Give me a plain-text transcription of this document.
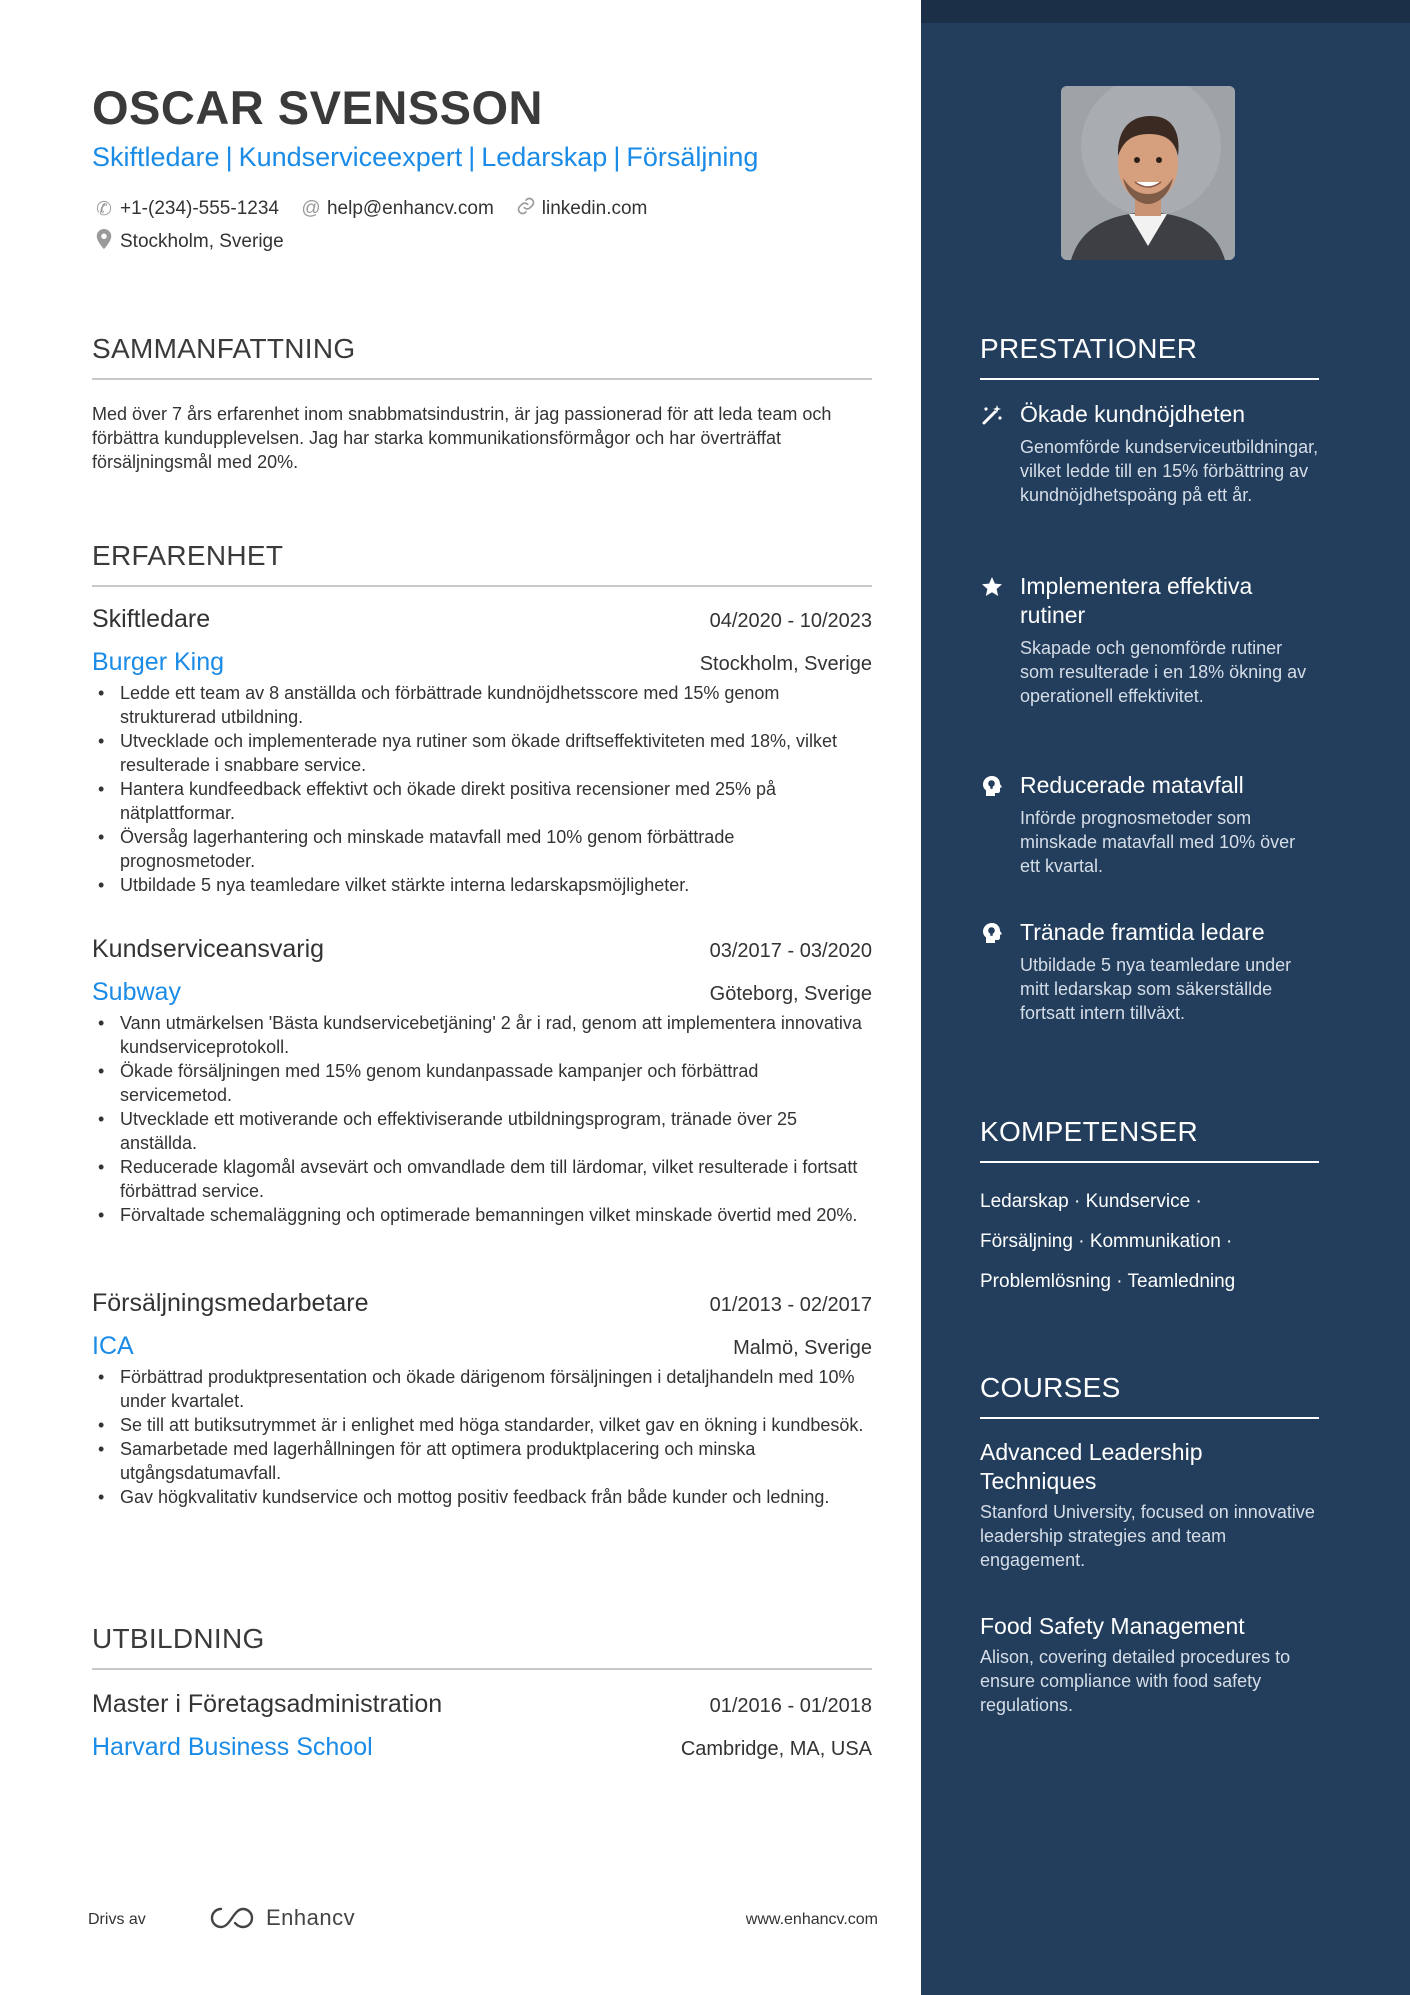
OSCAR SVENSSON
Skiftledare | Kundserviceexpert | Ledarskap | Försäljning
✆ +1-(234)-555-1234 @ help@enhancv.com	linkedin.com
Stockholm, Sverige
SAMMANFATTNING
Med över 7 års erfarenhet inom snabbmatsindustrin, är jag passionerad för att leda team och förbättra kundupplevelsen. Jag har starka kommunikationsförmågor och har överträffat försäljningsmål med 20%.
ERFARENHET
Skiftledare	04/2020 - 10/2023
Burger King	Stockholm, Sverige
• Ledde ett team av 8 anställda och förbättrade kundnöjdhetsscore med 15% genom strukturerad utbildning.
• Utvecklade och implementerade nya rutiner som ökade driftseffektiviteten med 18%, vilket resulterade i snabbare service.
• Hantera kundfeedback effektivt och ökade direkt positiva recensioner med 25% på nätplattformar.
• Översåg lagerhantering och minskade matavfall med 10% genom förbättrade prognosmetoder.
• Utbildade 5 nya teamledare vilket stärkte interna ledarskapsmöjligheter.
Kundserviceansvarig	03/2017 - 03/2020
Subway	Göteborg, Sverige
• Vann utmärkelsen 'Bästa kundservicebetjäning' 2 år i rad, genom att implementera innovativa kundserviceprotokoll.
• Ökade försäljningen med 15% genom kundanpassade kampanjer och förbättrad servicemetod.
• Utvecklade ett motiverande och effektiviserande utbildningsprogram, tränade över 25 anställda.
• Reducerade klagomål avsevärt och omvandlade dem till lärdomar, vilket resulterade i fortsatt förbättrad service.
• Förvaltade schemaläggning och optimerade bemanningen vilket minskade övertid med 20%.
Försäljningsmedarbetare	01/2013 - 02/2017
ICA	Malmö, Sverige
• Förbättrad produktpresentation och ökade därigenom försäljningen i detaljhandeln med 10% under kvartalet.
• Se till att butiksutrymmet är i enlighet med höga standarder, vilket gav en ökning i kundbesök.
• Samarbetade med lagerhållningen för att optimera produktplacering och minska utgångsdatumavfall.
• Gav högkvalitativ kundservice och mottog positiv feedback från både kunder och ledning.
UTBILDNING
Master i Företagsadministration	01/2016 - 01/2018
Harvard Business School	Cambridge, MA, USA
Drivs av	Enhancv	www.enhancv.com
PRESTATIONER
Ökade kundnöjdheten
Genomförde kundserviceutbildningar, vilket ledde till en 15% förbättring av kundnöjdhetspoäng på ett år.
Implementera effektiva rutiner
Skapade och genomförde rutiner som resulterade i en 18% ökning av operationell effektivitet.
Reducerade matavfall
Införde prognosmetoder som minskade matavfall med 10% över ett kvartal.
Tränade framtida ledare
Utbildade 5 nya teamledare under mitt ledarskap som säkerställde fortsatt intern tillväxt.
KOMPETENSER
Ledarskap · Kundservice ·
Försäljning · Kommunikation ·
Problemlösning · Teamledning
COURSES
Advanced Leadership Techniques
Stanford University, focused on innovative leadership strategies and team engagement.
Food Safety Management
Alison, covering detailed procedures to ensure compliance with food safety regulations.
